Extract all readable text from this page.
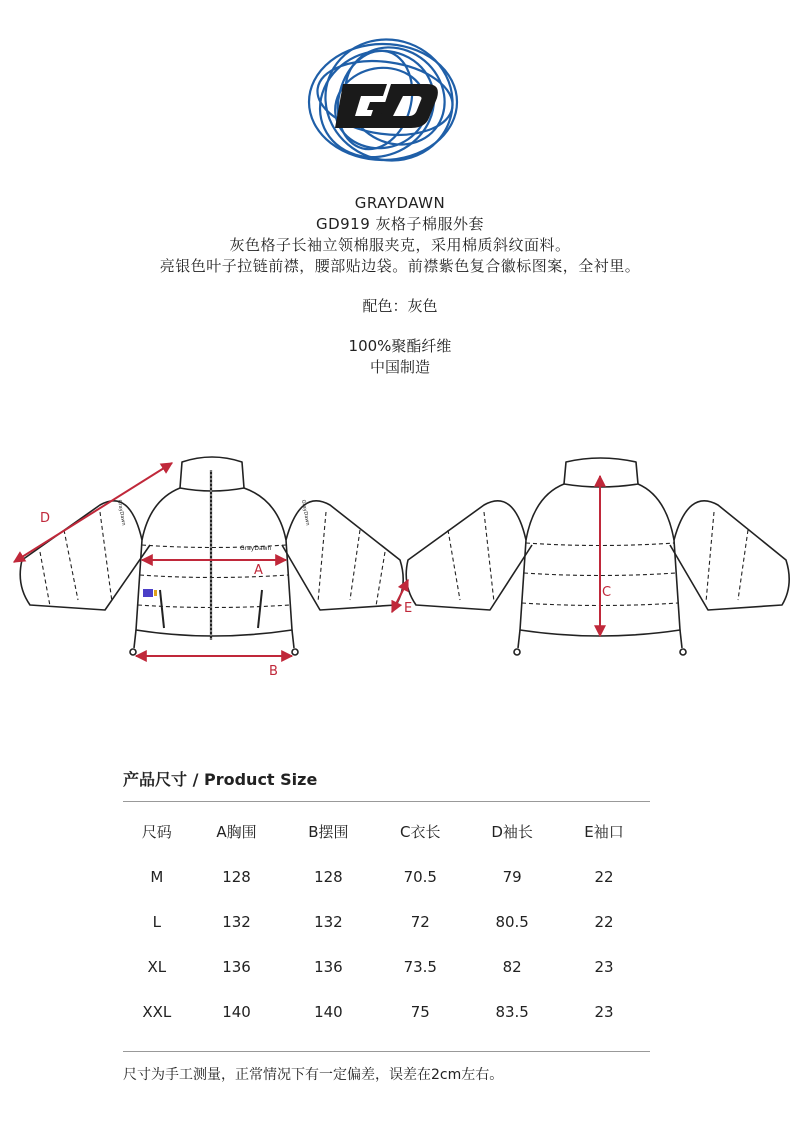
GRAYDAWN
GD919 灰格子棉服外套
灰色格子长袖立领棉服夹克，采用棉质斜纹面料。
亮银色叶子拉链前襟，腰部贴边袋。前襟紫色复合徽标图案，全衬里。
配色：灰色
100%聚酯纤维
中国制造
GrayDawn
GrayDawn
GrayDawn
A
B
D
C
E
产品尺寸 / Product Size
尺码	A胸围	B摆围	C衣长	D袖长	E袖口
M	128	128	70.5	79	22
L	132	132	72	80.5	22
XL	136	136	73.5	82	23
XXL	140	140	75	83.5	23
尺寸为手工测量，正常情况下有一定偏差，误差在2cm左右。
